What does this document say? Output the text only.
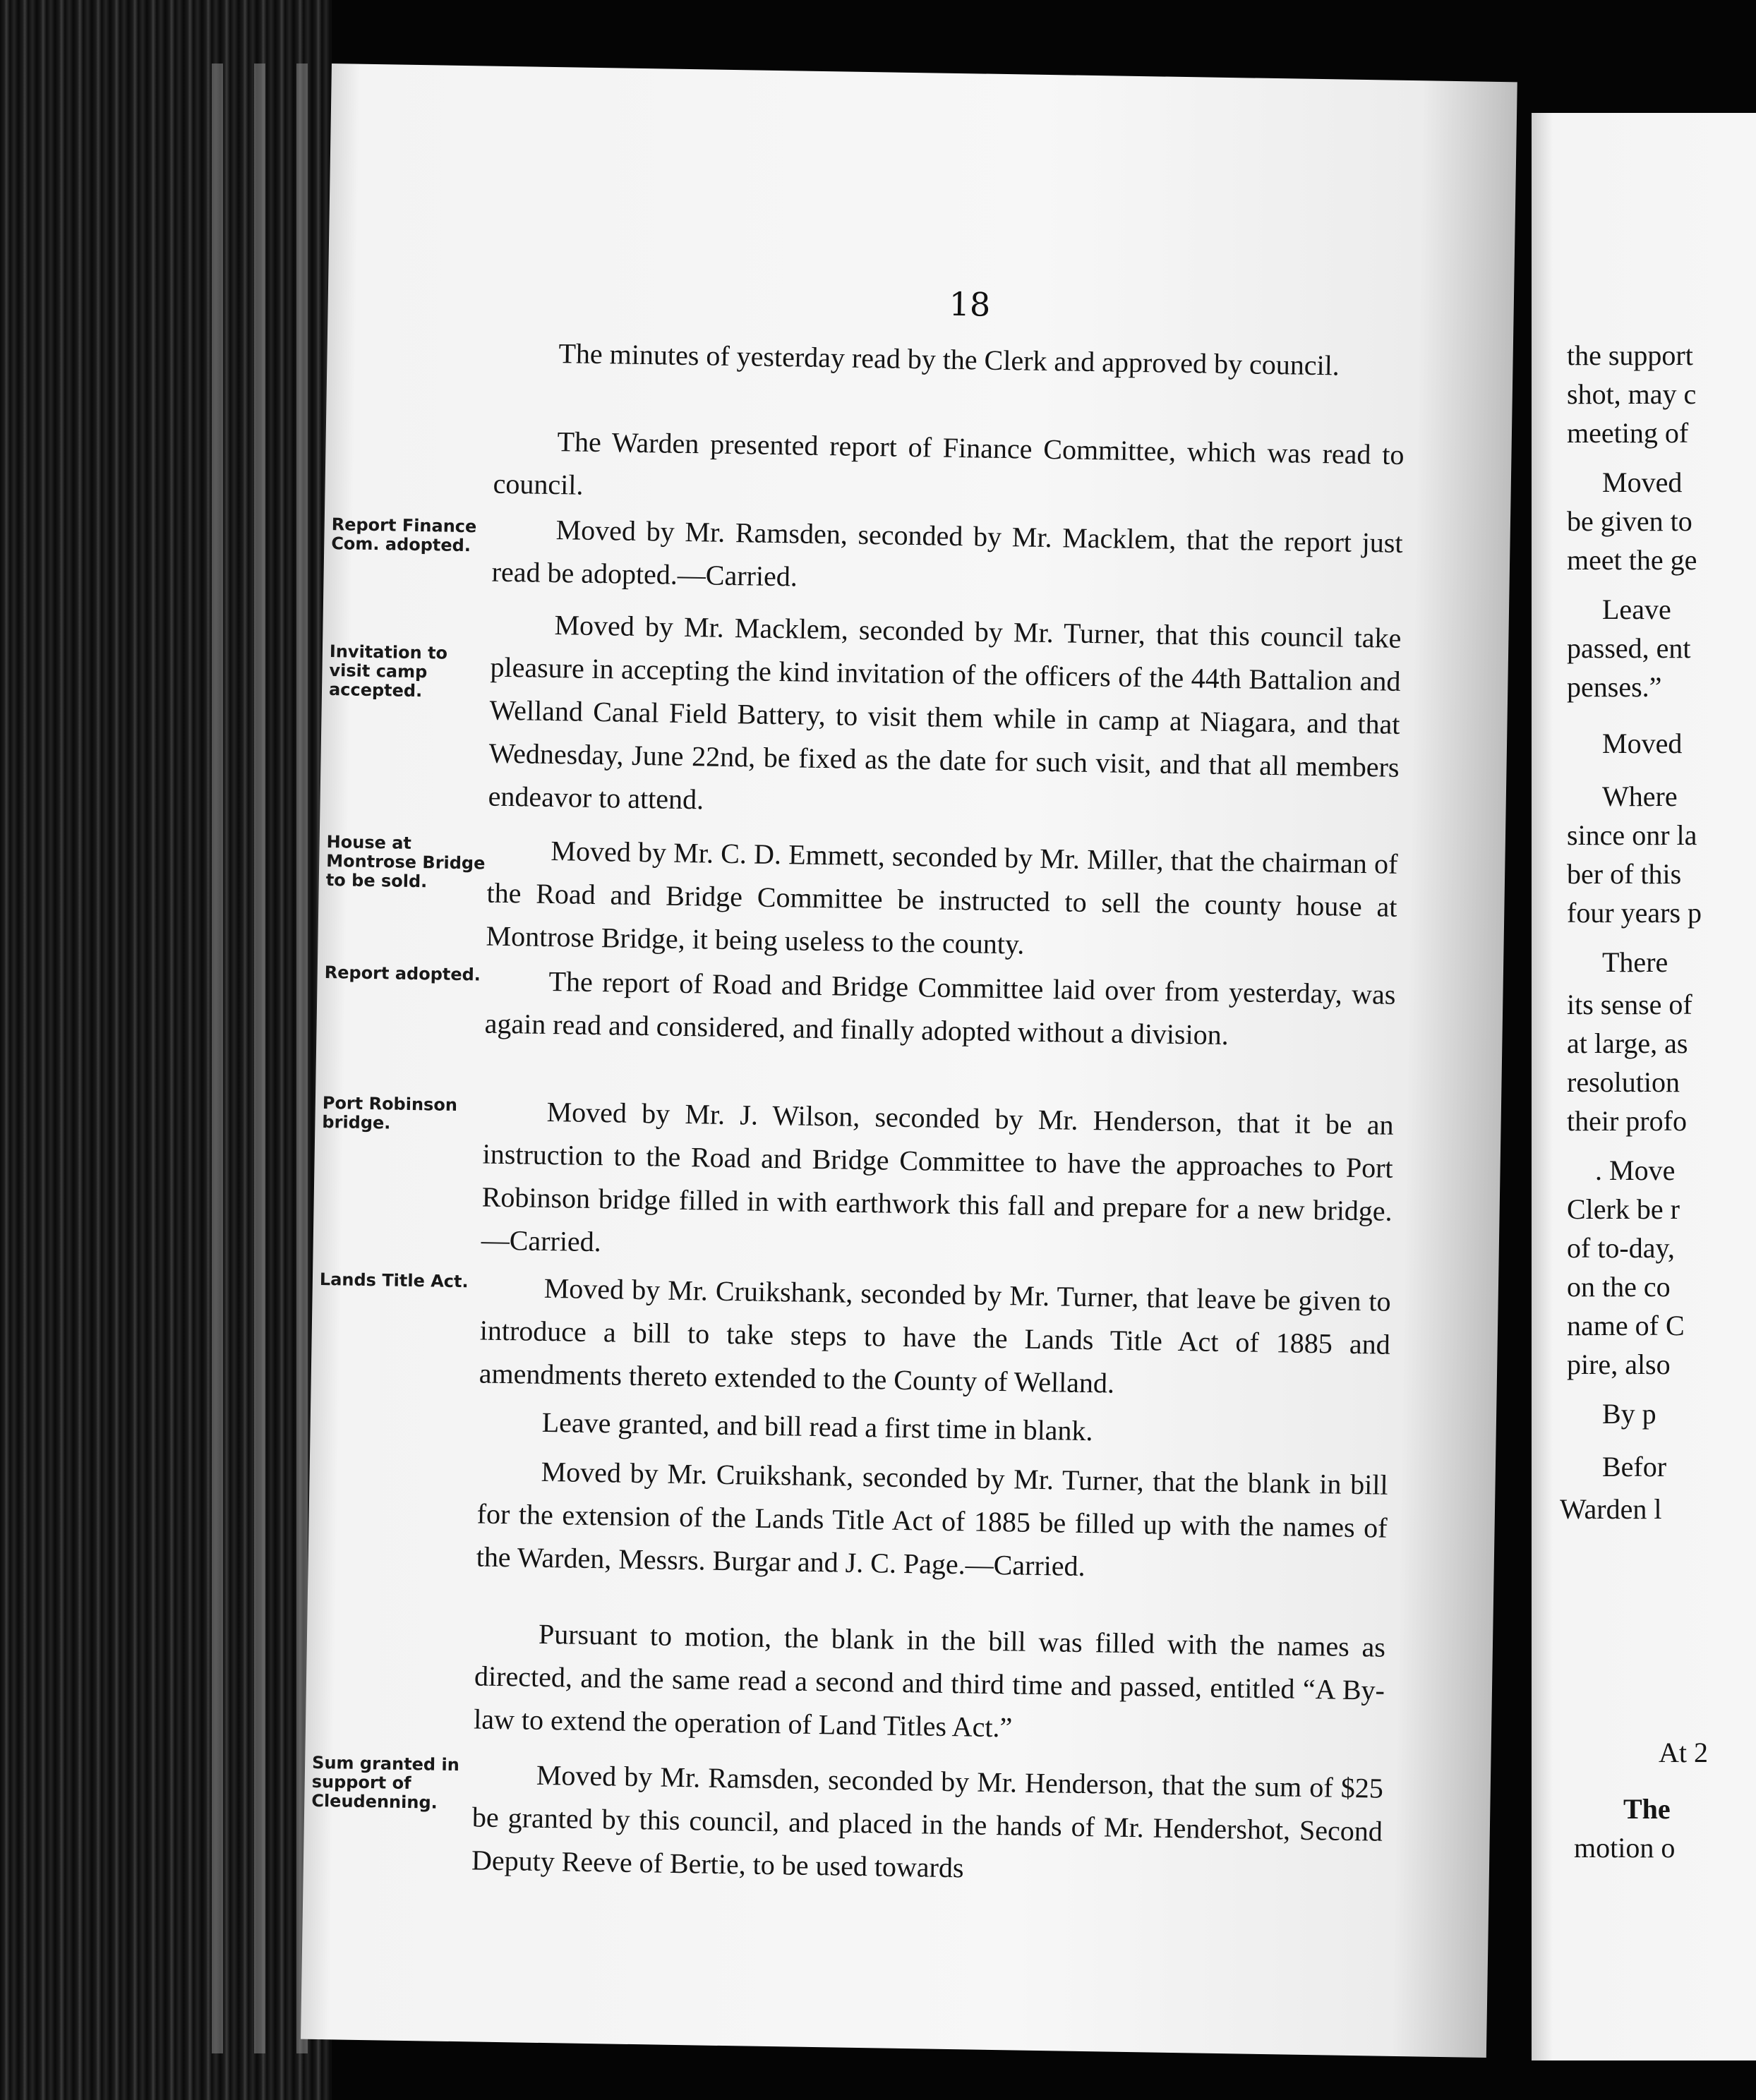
18
The minutes of yesterday read by the Clerk and approved by council.
The Warden presented report of Finance Committee, which was read to council.
Moved by Mr. Ramsden, seconded by Mr. Macklem, that the report just read be adopted.—Carried.
Moved by Mr. Macklem, seconded by Mr. Turner, that this council take pleasure in accepting the kind invitation of the officers of the 44th Battalion and Welland Canal Field Battery, to visit them while in camp at Niagara, and that Wednesday, June 22nd, be fixed as the date for such visit, and that all members endeavor to attend.
Moved by Mr. C. D. Emmett, seconded by Mr. Miller, that the chairman of the Road and Bridge Committee be instructed to sell the county house at Montrose Bridge, it being useless to the county.
The report of Road and Bridge Committee laid over from yesterday, was again read and considered, and finally adopted without a division.
Moved by Mr. J. Wilson, seconded by Mr. Henderson, that it be an instruction to the Road and Bridge Committee to have the approaches to Port Robinson bridge filled in with earthwork this fall and prepare for a new bridge.—Carried.
Moved by Mr. Cruikshank, seconded by Mr. Turner, that leave be given to introduce a bill to take steps to have the Lands Title Act of 1885 and amendments thereto extended to the County of Welland.
Leave granted, and bill read a first time in blank.
Moved by Mr. Cruikshank, seconded by Mr. Turner, that the blank in bill for the extension of the Lands Title Act of 1885 be filled up with the names of the Warden, Messrs. Burgar and J. C. Page.—Carried.
Pursuant to motion, the blank in the bill was filled with the names as directed, and the same read a second and third time and passed, entitled “A By-law to extend the operation of Land Titles Act.”
Moved by Mr. Ramsden, seconded by Mr. Henderson, that the sum of $25 be granted by this council, and placed in the hands of Mr. Hendershot, Second Deputy Reeve of Bertie, to be used towards
Report Finance Com. adopted.
Invitation to visit camp accepted.
House at Montrose Bridge to be sold.
Report adopted.
Port Robinson bridge.
Lands Title Act.
Sum granted in support of Cleudenning.
the support
shot, may c
meeting of
Moved
be given to
meet the ge
Leave
passed, ent
penses.”
Moved
Where
since onr la
ber of this
four years p
There
its sense of
at large, as
resolution
their profo
. Move
Clerk be r
of to-day,
on the co
name of C
pire, also
By p
Befor
Warden l
At 2
The
motion o
